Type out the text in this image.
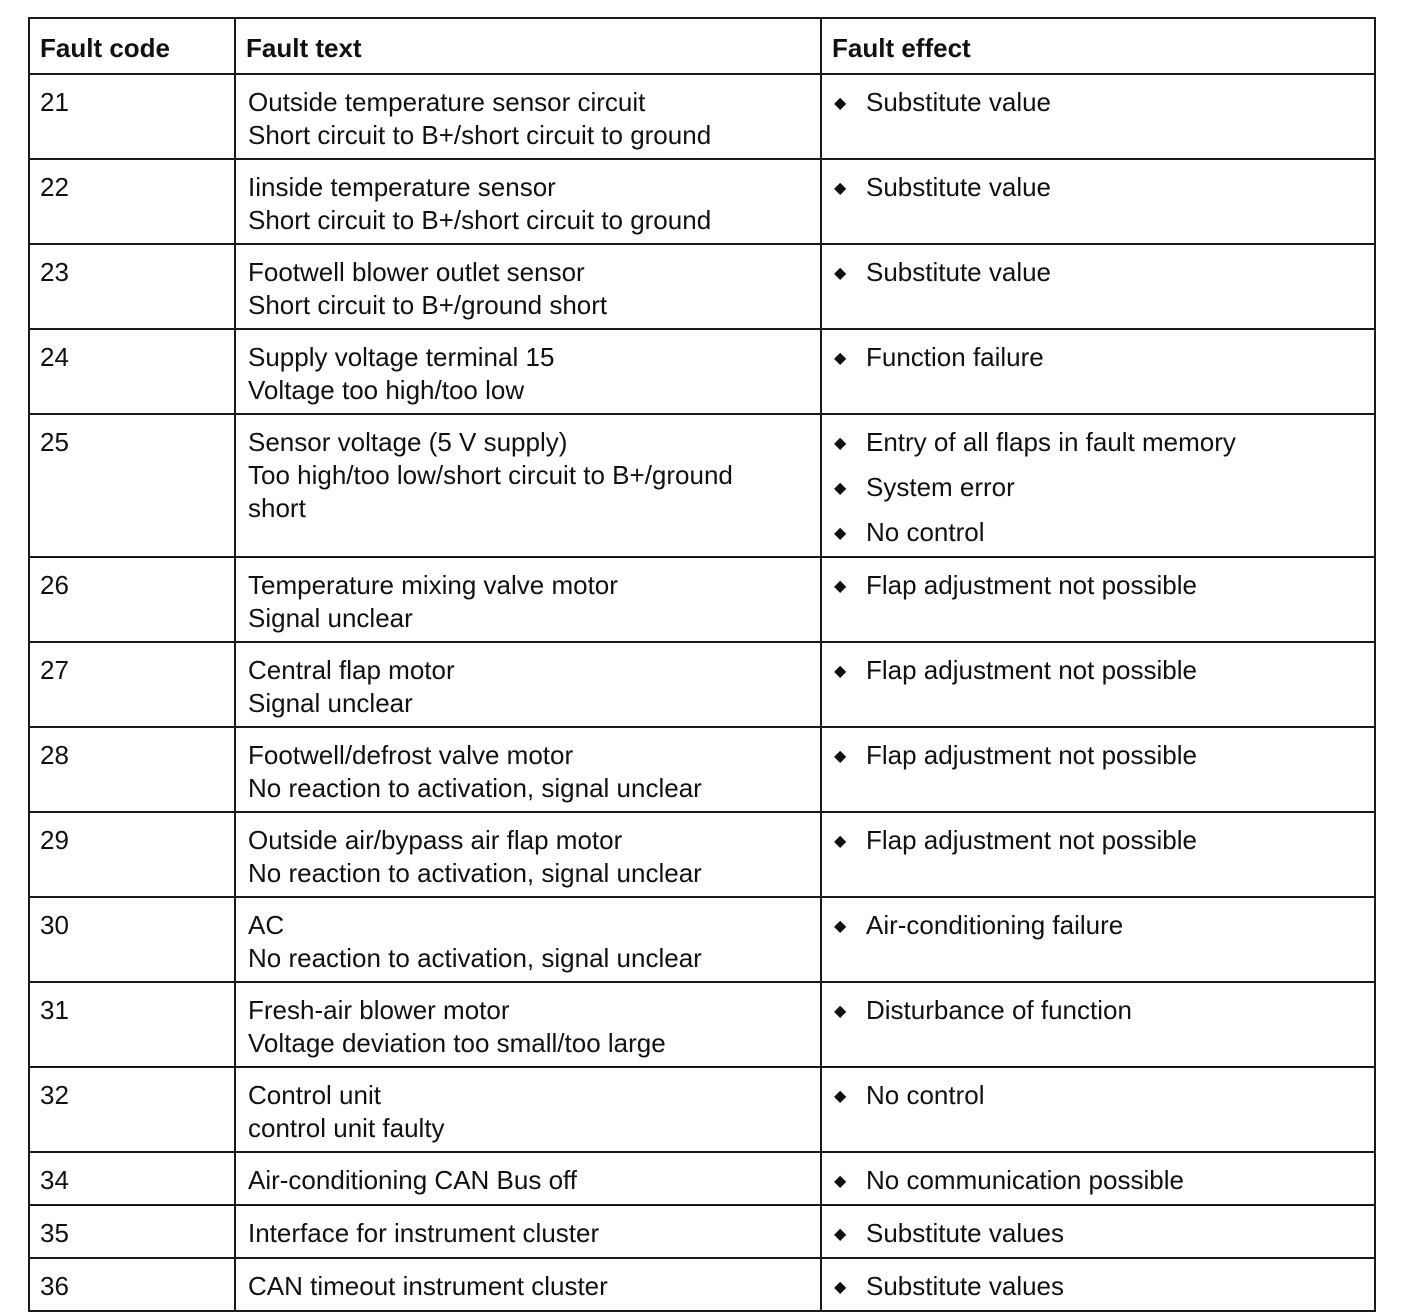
Fault code	Fault text	Fault effect
21	Outside temperature sensor circuit
Short circuit to B+/short circuit to ground	◆ Substitute value

22	Iinside temperature sensor
Short circuit to B+/short circuit to ground	◆ Substitute value

23	Footwell blower outlet sensor
Short circuit to B+/ground short	◆ Substitute value

24	Supply voltage terminal 15
Voltage too high/too low	◆ Function failure

25	Sensor voltage (5 V supply)
Too high/too low/short circuit to B+/ground
short	◆ Entry of all flaps in fault memory
◆ System error
◆ No control

26	Temperature mixing valve motor
Signal unclear	◆ Flap adjustment not possible

27	Central flap motor
Signal unclear	◆ Flap adjustment not possible

28	Footwell/defrost valve motor
No reaction to activation, signal unclear	◆ Flap adjustment not possible

29	Outside air/bypass air flap motor
No reaction to activation, signal unclear	◆ Flap adjustment not possible

30	AC
No reaction to activation, signal unclear	◆ Air-conditioning failure

31	Fresh-air blower motor
Voltage deviation too small/too large	◆ Disturbance of function

32	Control unit
control unit faulty	◆ No control

34	Air-conditioning CAN Bus off	◆ No communication possible

35	Interface for instrument cluster	◆ Substitute values

36	CAN timeout instrument cluster	◆ Substitute values
